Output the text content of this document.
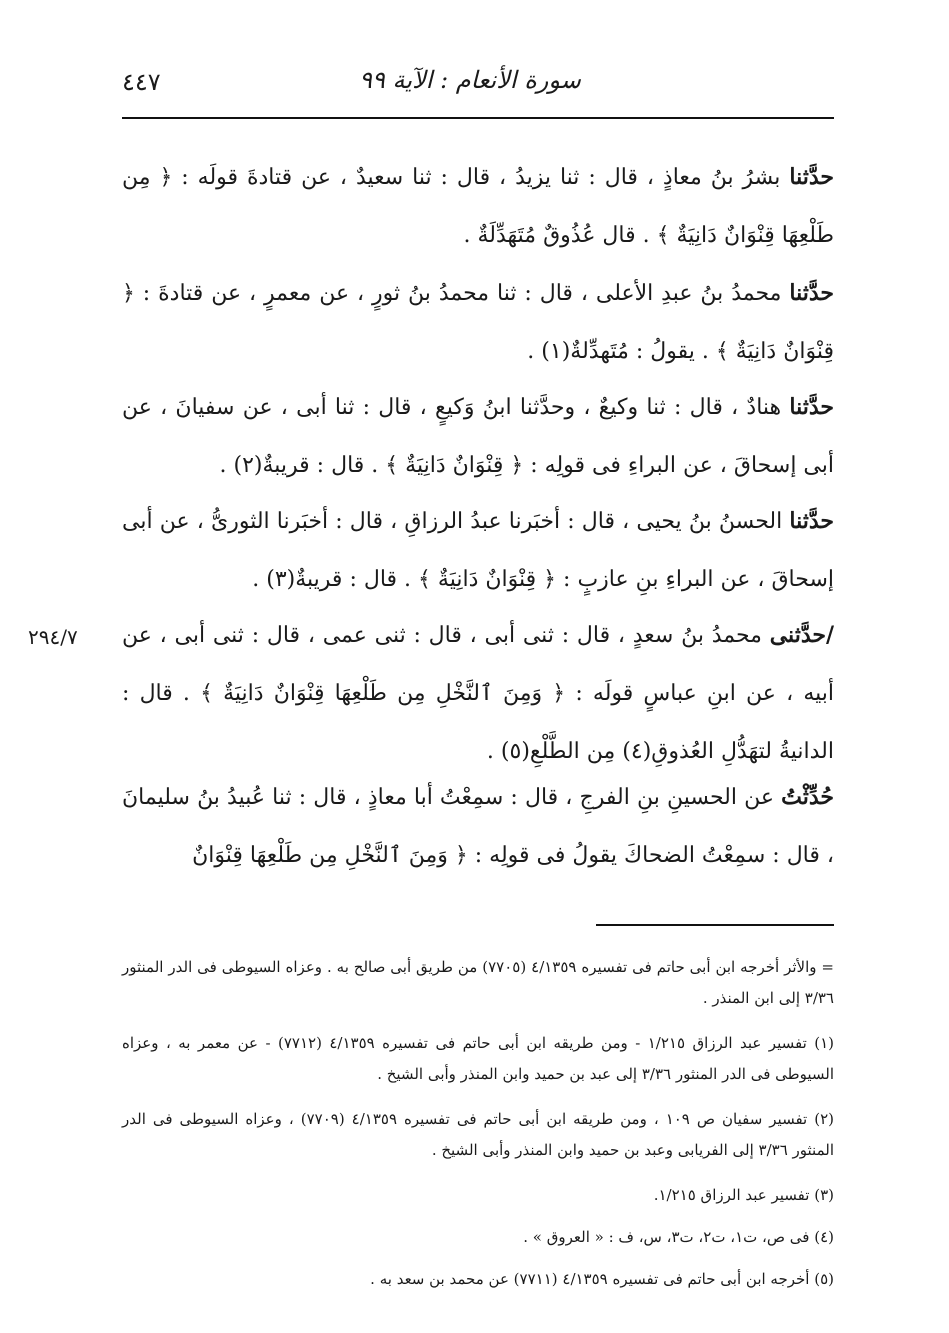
٤٤٧	سورة الأنعام : الآية ٩٩
حدَّثنا بشرُ بنُ معاذٍ ، قال : ثنا يزيدُ ، قال : ثنا سعيدٌ ، عن قتادةَ قولَه : ﴿ مِن طَلْعِهَا قِنْوَانٌ دَانِيَةٌ ﴾ . قال عُذُوقٌ مُتَهَدِّلَةٌ .
حدَّثنا محمدُ بنُ عبدِ الأعلى ، قال : ثنا محمدُ بنُ ثورٍ ، عن معمرٍ ، عن قتادةَ : ﴿ قِنْوَانٌ دَانِيَةٌ ﴾ . يقولُ : مُتَهدِّلةٌ(١) .
حدَّثنا هنادٌ ، قال : ثنا وكيعٌ ، وحدَّثنا ابنُ وَكيعٍ ، قال : ثنا أبى ، عن سفيانَ ، عن أبى إسحاقَ ، عن البراءِ فى قولِه : ﴿ قِنْوَانٌ دَانِيَةٌ ﴾ . قال : قريبةٌ(٢) .
حدَّثنا الحسنُ بنُ يحيى ، قال : أخبَرنا عبدُ الرزاقِ ، قال : أخبَرنا الثورىُّ ، عن أبى إسحاقَ ، عن البراءِ بنِ عازبٍ : ﴿ قِنْوَانٌ دَانِيَةٌ ﴾ . قال : قريبةٌ(٣) .
٢٩٤/٧	/حدَّثنى محمدُ بنُ سعدٍ ، قال : ثنى أبى ، قال : ثنى عمى ، قال : ثنى أبى ، عن أبيه ، عن ابنِ عباسٍ قولَه : ﴿ وَمِنَ ٱلنَّخْلِ مِن طَلْعِهَا قِنْوَانٌ دَانِيَةٌ ﴾ . قال : الدانيةُ لتهَدُّلِ العُذوقِ(٤) مِن الطَّلْعِ(٥) .
حُدِّثْتُ عن الحسينِ بنِ الفرجِ ، قال : سمِعْتُ أبا معاذٍ ، قال : ثنا عُبيدُ بنُ سليمانَ ، قال : سمِعْتُ الضحاكَ يقولُ فى قولِه : ﴿ وَمِنَ ٱلنَّخْلِ مِن طَلْعِهَا قِنْوَانٌ
= والأثر أخرجه ابن أبى حاتم فى تفسيره ٤/١٣٥٩ (٧٧٠٥) من طريق أبى صالح به . وعزاه السيوطى فى الدر المنثور ٣/٣٦ إلى ابن المنذر .
(١) تفسير عبد الرزاق ١/٢١٥ - ومن طريقه ابن أبى حاتم فى تفسيره ٤/١٣٥٩ (٧٧١٢) - عن معمر به ، وعزاه السيوطى فى الدر المنثور ٣/٣٦ إلى عبد بن حميد وابن المنذر وأبى الشيخ .
(٢) تفسير سفيان ص ١٠٩ ، ومن طريقه ابن أبى حاتم فى تفسيره ٤/١٣٥٩ (٧٧٠٩) ، وعزاه السيوطى فى الدر المنثور ٣/٣٦ إلى الفريابى وعبد بن حميد وابن المنذر وأبى الشيخ .
(٣) تفسير عبد الرزاق ١/٢١٥.
(٤) فى ص، ت١، ت٢، ت٣، س، ف : « العروق » .
(٥) أخرجه ابن أبى حاتم فى تفسيره ٤/١٣٥٩ (٧٧١١) عن محمد بن سعد به .
